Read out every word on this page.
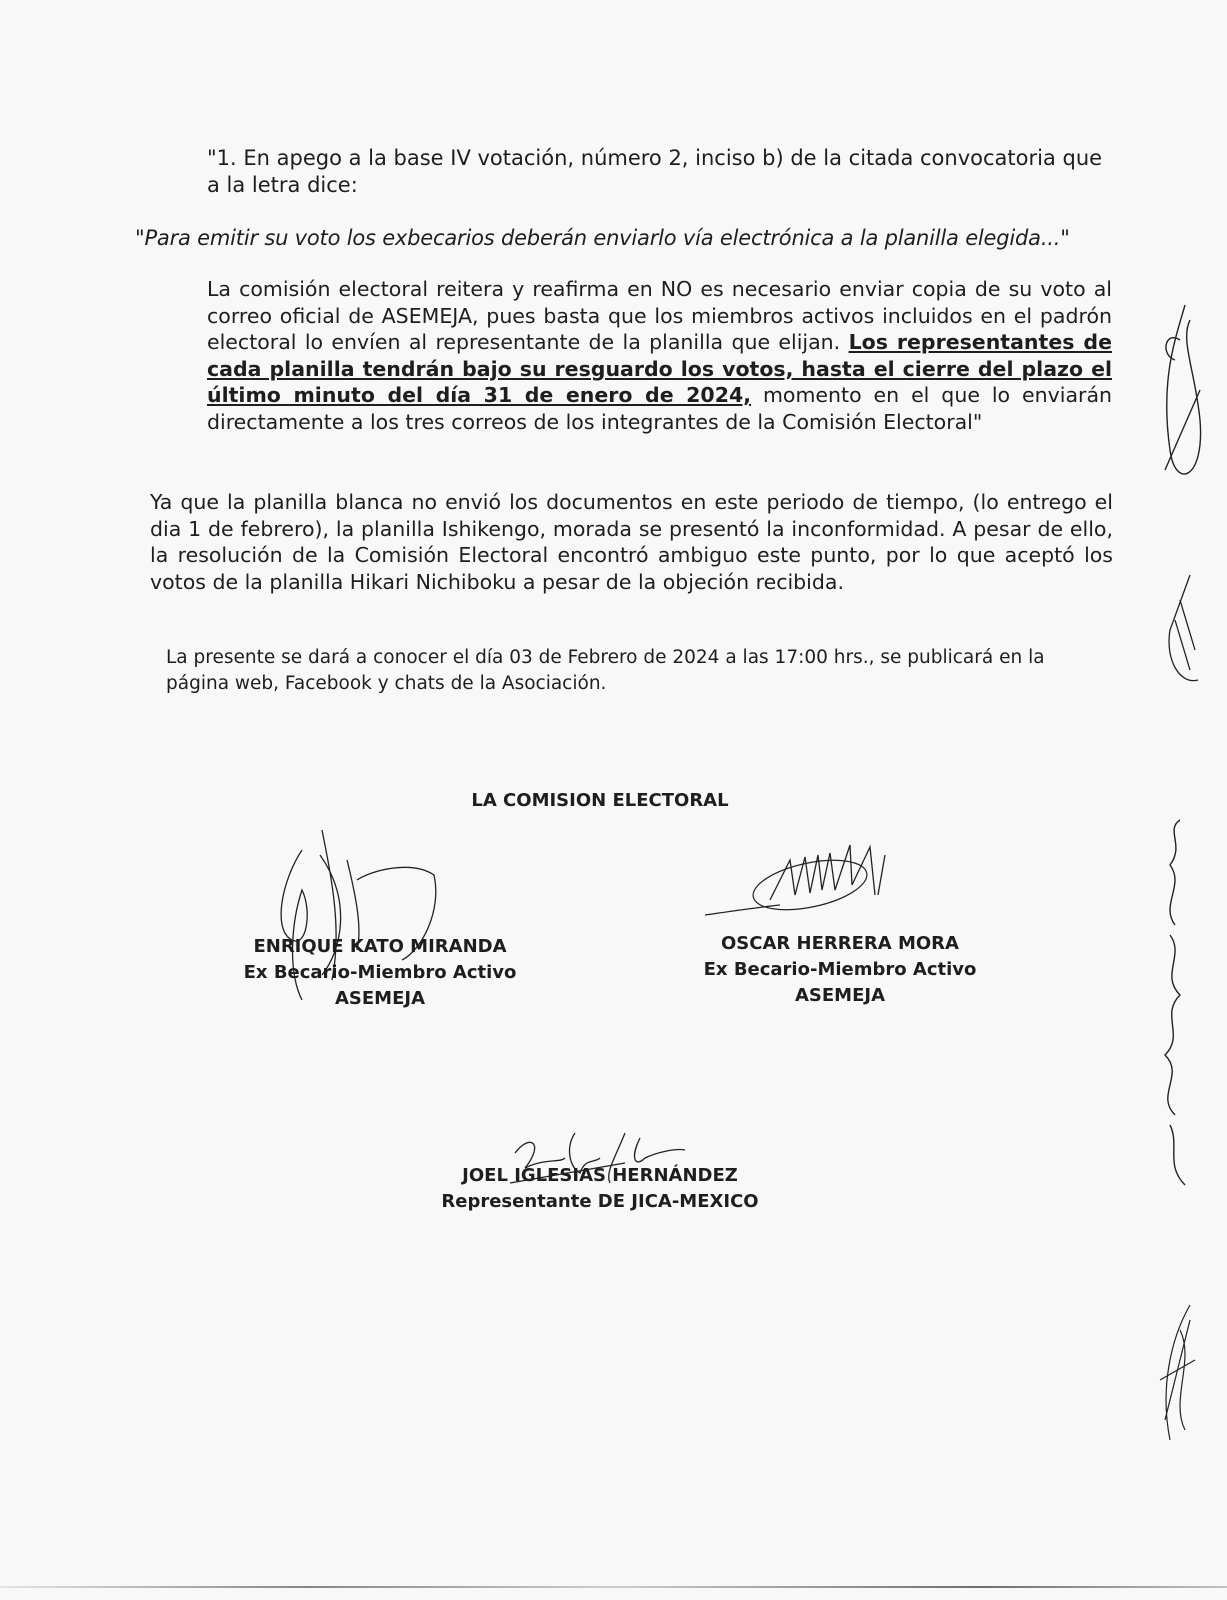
"1. En apego a la base IV votación, número 2, inciso b) de la citada convocatoria que a la letra dice:

"Para emitir su voto los exbecarios deberán enviarlo vía electrónica a la planilla elegida..."

La comisión electoral reitera y reafirma en NO es necesario enviar copia de su voto al correo oficial de ASEMEJA, pues basta que los miembros activos incluidos en el padrón electoral lo envíen al representante de la planilla que elijan. Los representantes de cada planilla tendrán bajo su resguardo los votos, hasta el cierre del plazo el último minuto del día 31 de enero de 2024, momento en el que lo enviarán directamente a los tres correos de los integrantes de la Comisión Electoral"

Ya que la planilla blanca no envió los documentos en este periodo de tiempo, (lo entrego el dia 1 de febrero), la planilla Ishikengo, morada se presentó la inconformidad. A pesar de ello, la resolución de la Comisión Electoral encontró ambiguo este punto, por lo que aceptó los votos de la planilla Hikari Nichiboku a pesar de la objeción recibida.

La presente se dará a conocer el día 03 de Febrero de 2024 a las 17:00 hrs., se publicará en la página web, Facebook y chats de la Asociación.

LA COMISION ELECTORAL
ENRIQUE KATO MIRANDA
Ex Becario-Miembro Activo
ASEMEJA
OSCAR HERRERA MORA
Ex Becario-Miembro Activo
ASEMEJA
JOEL IGLESIAS HERNÁNDEZ
Representante DE JICA-MEXICO
